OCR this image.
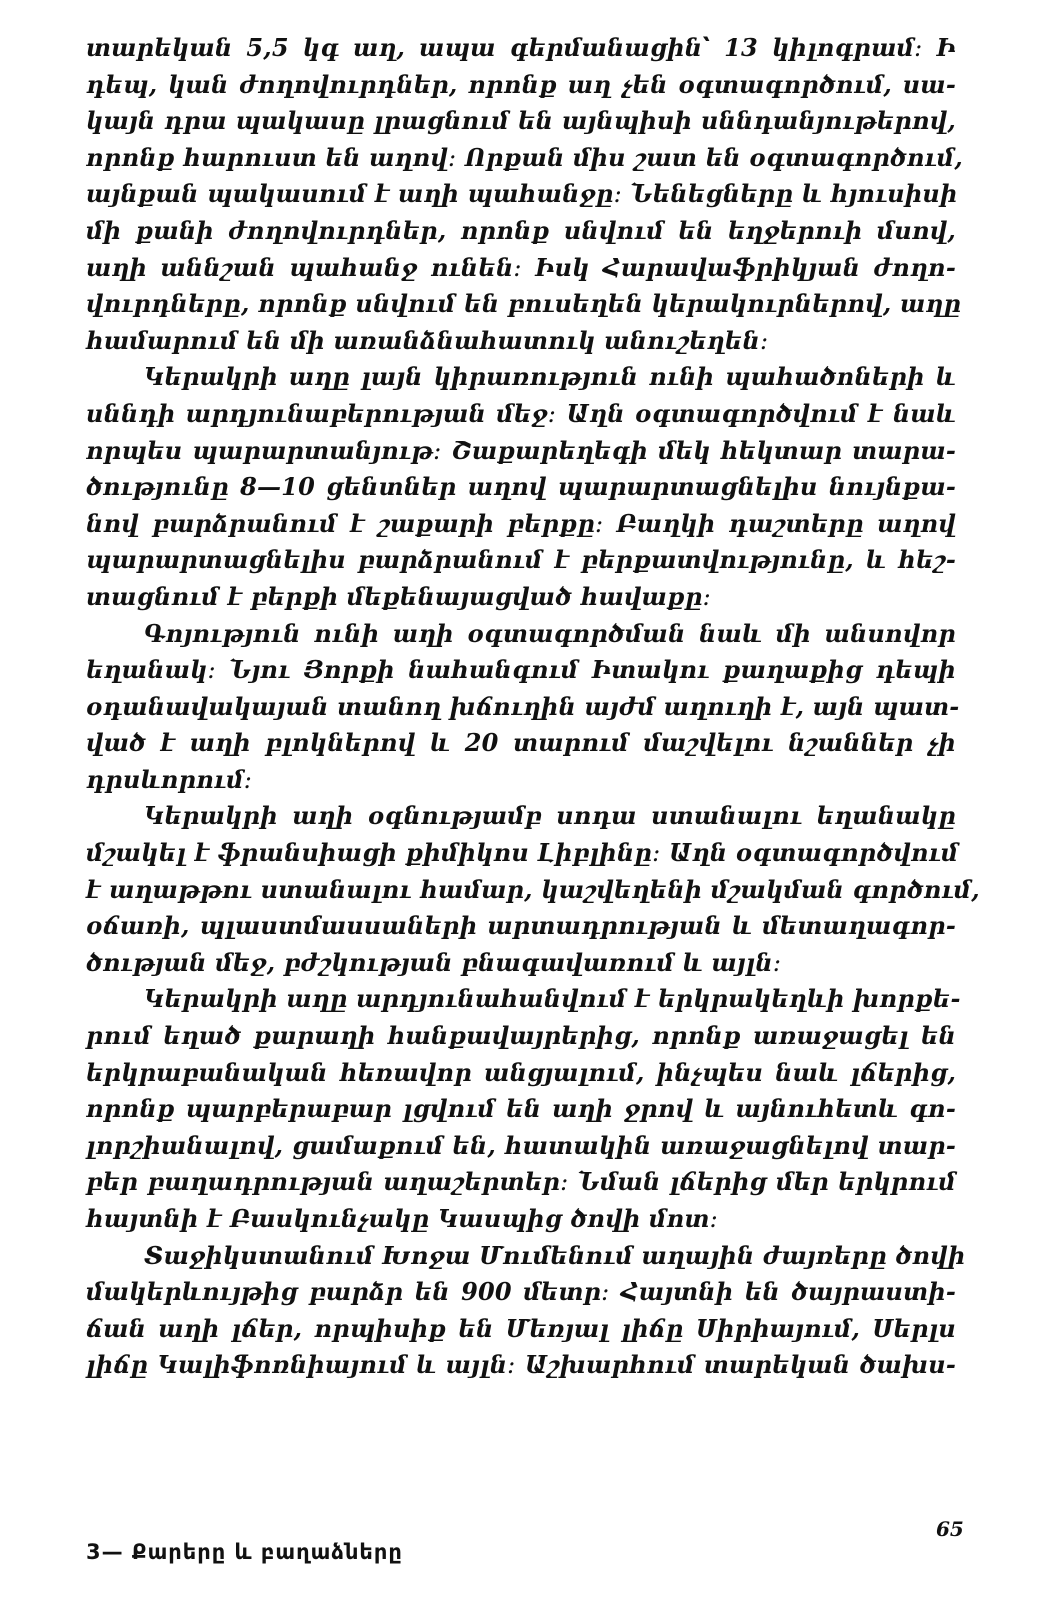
տարեկան 5,5 կգ աղ, ապա գերմանացին՝ 13 կիլոգրամ։ Ի
դեպ, կան ժողովուրդներ, որոնք աղ չեն օգտագործում, սա-
կայն դրա պակասը լրացնում են այնպիսի սննդանյութերով,
որոնք հարուստ են աղով։ Որքան միս շատ են օգտագործում,
այնքան պակասում է աղի պահանջը։ Նենեցները և հյուսիսի
մի քանի ժողովուրդներ, որոնք սնվում են եղջերուի մսով,
աղի աննշան պահանջ ունեն։ Իսկ Հարավաֆրիկյան ժողո-
վուրդները, որոնք սնվում են բուսեղեն կերակուրներով, աղը
համարում են մի առանձնահատուկ անուշեղեն։
Կերակրի աղը լայն կիրառություն ունի պահածոների և
սննդի արդյունաբերության մեջ։ Աղն օգտագործվում է նաև
որպես պարարտանյութ։ Շաքարեղեգի մեկ հեկտար տարա-
ծությունը 8—10 ցենտներ աղով պարարտացնելիս նույնքա-
նով բարձրանում է շաքարի բերքը։ Բաղկի դաշտերը աղով
պարարտացնելիս բարձրանում է բերքատվությունը, և հեշ-
տացնում է բերքի մեքենայացված հավաքը։
Գոյություն ունի աղի օգտագործման նաև մի անսովոր
եղանակ։ Նյու Յորքի նահանգում Իտակու քաղաքից դեպի
օդանավակայան տանող խճուղին այժմ աղուղի է, այն պատ-
ված է աղի բլոկներով և 20 տարում մաշվելու նշաններ չի
դրսևորում։
Կերակրի աղի օգնությամբ սոդա ստանալու եղանակը
մշակել է ֆրանսիացի քիմիկոս Լիբլինը։ Աղն օգտագործվում
է աղաթթու ստանալու համար, կաշվեղենի մշակման գործում,
օճառի, պլաստմասսաների արտադրության և մետաղագոր-
ծության մեջ, բժշկության բնագավառում և այլն։
Կերակրի աղը արդյունահանվում է երկրակեղևի խորքե-
րում եղած քարաղի հանքավայրերից, որոնք առաջացել են
երկրաբանական հեռավոր անցյալում, ինչպես նաև լճերից,
որոնք պարբերաբար լցվում են աղի ջրով և այնուհետև գո-
լորշիանալով, ցամաքում են, հատակին առաջացնելով տար-
բեր բաղադրության աղաշերտեր։ Նման լճերից մեր երկրում
հայտնի է Բասկունչակը Կասպից ծովի մոտ։
Տաջիկստանում Խոջա Մումենում աղային ժայռերը ծովի
մակերևույթից բարձր են 900 մետր։ Հայտնի են ծայրաստի-
ճան աղի լճեր, որպիսիք են Մեռյալ լիճը Սիրիայում, Սերլս
լիճը Կալիֆոռնիայում և այլն։ Աշխարհում տարեկան ծախս-
3— Քարերը և բաղաձները
65
